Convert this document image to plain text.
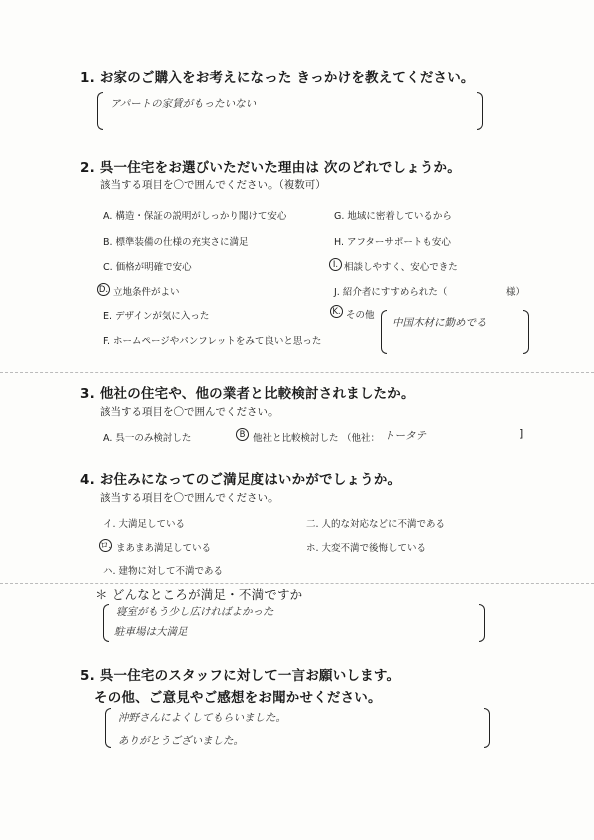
1. お家のご購入をお考えになった きっかけを教えてください。
アパートの家賃がもったいない
2. 呉一住宅をお選びいただいた理由は 次のどれでしょうか。
該当する項目を〇で囲んでください。（複数可）
A. 構造・保証の説明がしっかり聞けて安心
B. 標準装備の仕様の充実さに満足
C. 価格が明確で安心
D. 立地条件がよい
E. デザインが気に入った
F. ホームページやパンフレットをみて良いと思った
G. 地域に密着しているから
H. アフターサポートも安心
I. 相談しやすく、安心できた
J. 紹介者にすすめられた（	様）
K. その他
中国木材に勤めでる
3. 他社の住宅や、他の業者と比較検討されましたか。
該当する項目を〇で囲んでください。
A. 呉一のみ検討した	B 他社と比較検討した （他社： トータテ	]
4. お住みになってのご満足度はいかがでしょうか。
該当する項目を〇で囲んでください。
イ. 大満足している
ロ. まあまあ満足している
ハ. 建物に対して不満である
二. 人的な対応などに不満である
ホ. 大変不満で後悔している
＊ どんなところが満足・不満ですか
寝室がもう少し広ければよかった
駐車場は大満足
5. 呉一住宅のスタッフに対して一言お願いします。
その他、ご意見やご感想をお聞かせください。
沖野さんによくしてもらいました。
ありがとうございました。
